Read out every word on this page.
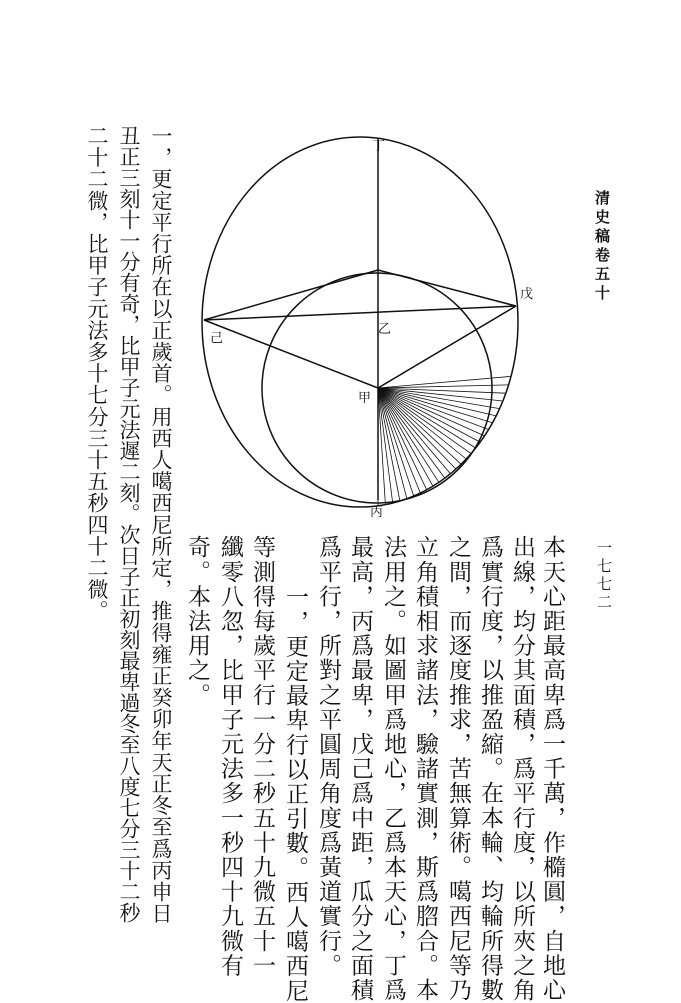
清史稿卷五十
一七七二
丁
戊
己
乙
甲
丙
本天心距最高卑爲一千萬，作橢圓，自地心
出線，均分其面積，爲平行度，以所夾之角
爲實行度，以推盈縮。在本輪、均輪所得數
之間，而逐度推求，苦無算術。噶西尼等乃
立角積相求諸法，驗諸實測，斯爲脗合。本
法用之。如圖甲爲地心，乙爲本天心，丁爲
最高，丙爲最卑，戊己爲中距，瓜分之面積
爲平行，所對之平圓周角度爲黃道實行。
一，更定最卑行以正引數。西人噶西尼
等測得每歲平行一分二秒五十九微五十一
纖零八忽，比甲子元法多一秒四十九微有
奇。本法用之。
一，更定平行所在以正歲首。用西人噶西尼所定，推得雍正癸卯年天正冬至爲丙申日
丑正三刻十一分有奇，比甲子元法遲二刻。次日子正初刻最卑過冬至八度七分三十二秒
二十二微，比甲子元法多十七分三十五秒四十二微。
